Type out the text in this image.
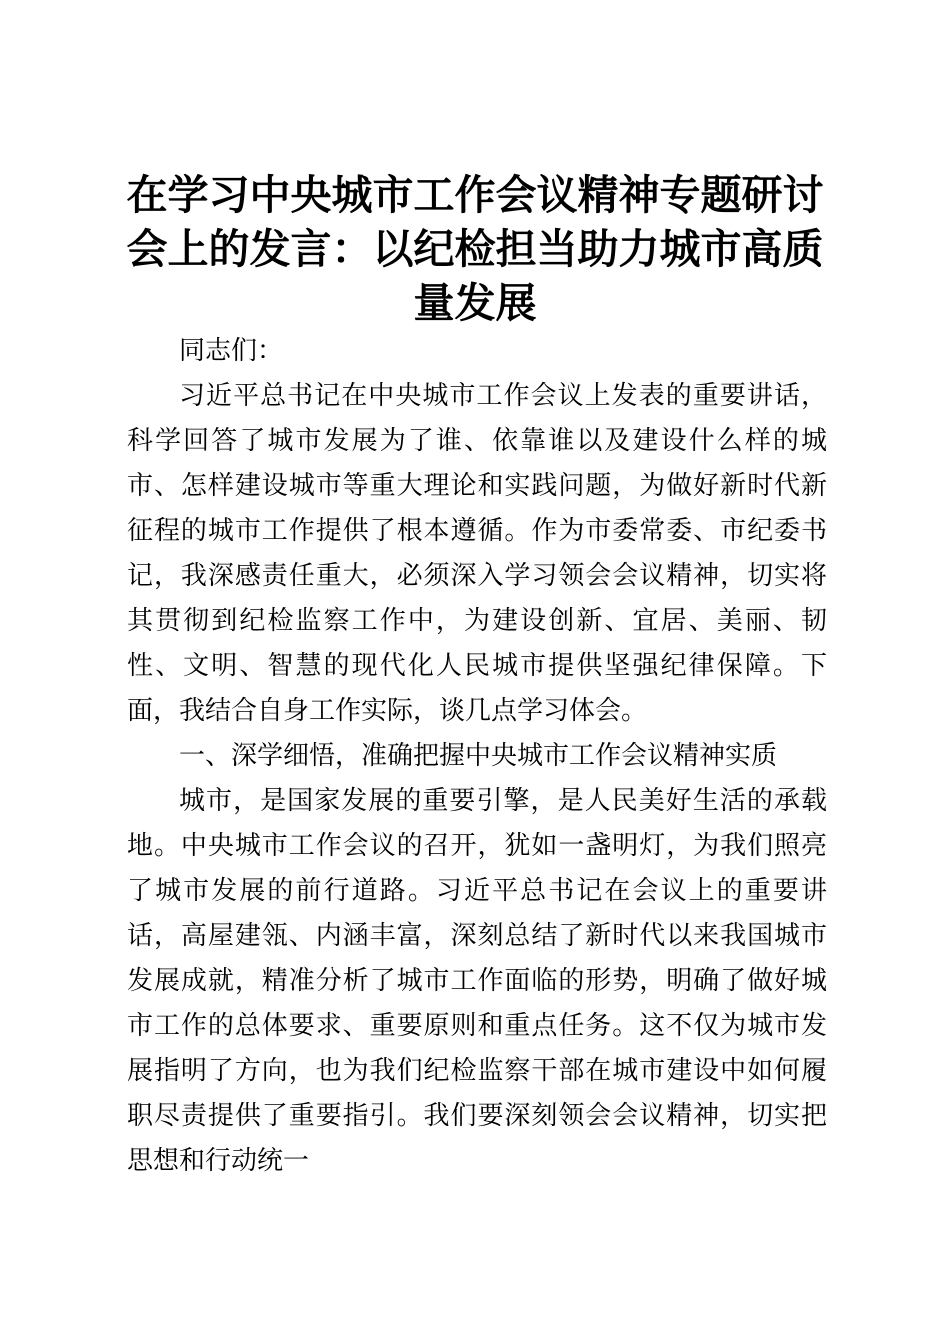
在学习中央城市工作会议精神专题研讨
会上的发言：以纪检担当助力城市高质
量发展

同志们：

习近平总书记在中央城市工作会议上发表的重要讲话，科学回答了城市发展为了谁、依靠谁以及建设什么样的城市、怎样建设城市等重大理论和实践问题，为做好新时代新征程的城市工作提供了根本遵循。作为市委常委、市纪委书记，我深感责任重大，必须深入学习领会会议精神，切实将其贯彻到纪检监察工作中，为建设创新、宜居、美丽、韧性、文明、智慧的现代化人民城市提供坚强纪律保障。下面，我结合自身工作实际，谈几点学习体会。

一、深学细悟，准确把握中央城市工作会议精神实质

城市，是国家发展的重要引擎，是人民美好生活的承载地。中央城市工作会议的召开，犹如一盏明灯，为我们照亮了城市发展的前行道路。习近平总书记在会议上的重要讲话，高屋建瓴、内涵丰富，深刻总结了新时代以来我国城市发展成就，精准分析了城市工作面临的形势，明确了做好城市工作的总体要求、重要原则和重点任务。这不仅为城市发展指明了方向，也为我们纪检监察干部在城市建设中如何履职尽责提供了重要指引。我们要深刻领会会议精神，切实把思想和行动统一
